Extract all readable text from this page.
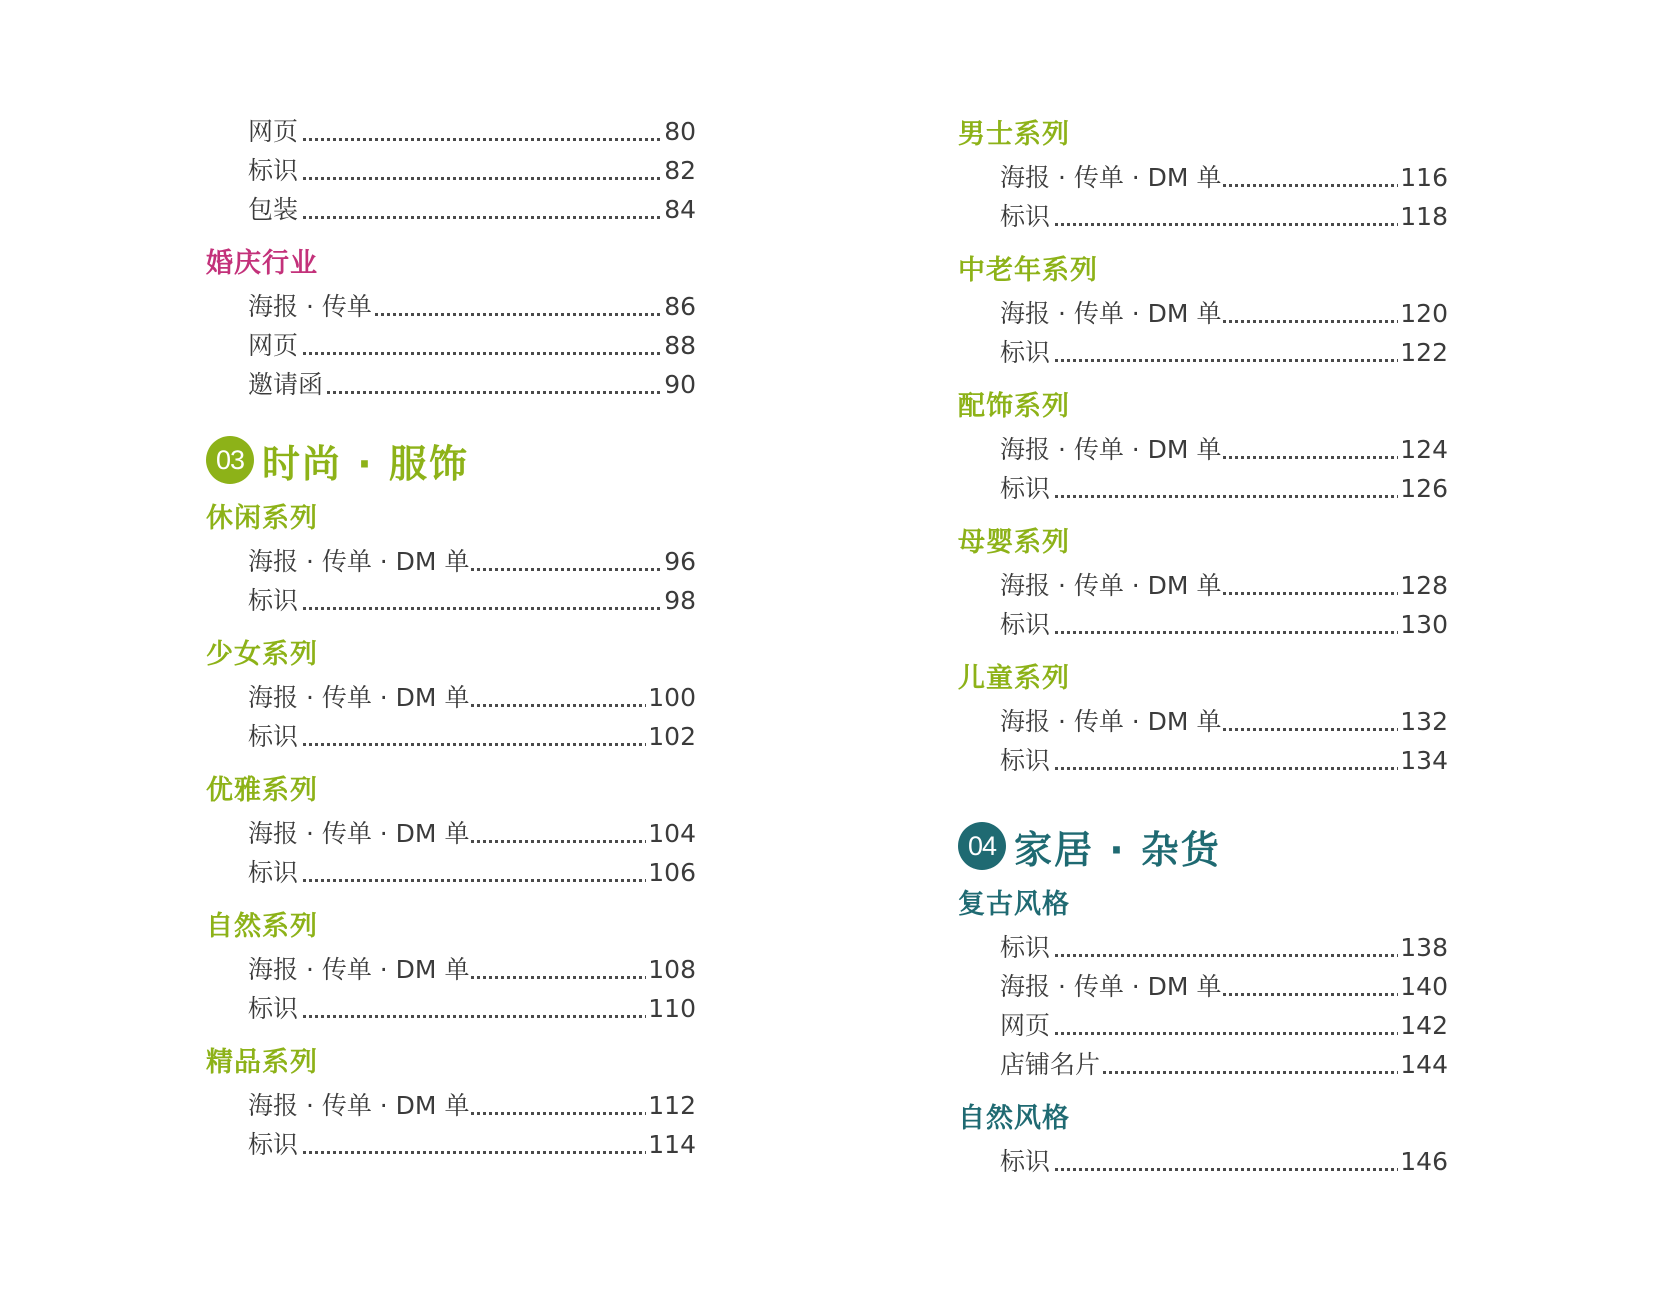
网页	80
标识	82
包装	84
婚庆行业
海报 · 传单	86
网页	88
邀请函	90
03 时尚 · 服饰
休闲系列
海报 · 传单 · DM 单	96
标识	98
少女系列
海报 · 传单 · DM 单	100
标识	102
优雅系列
海报 · 传单 · DM 单	104
标识	106
自然系列
海报 · 传单 · DM 单	108
标识	110
精品系列
海报 · 传单 · DM 单	112
标识	114
男士系列
海报 · 传单 · DM 单	116
标识	118
中老年系列
海报 · 传单 · DM 单	120
标识	122
配饰系列
海报 · 传单 · DM 单	124
标识	126
母婴系列
海报 · 传单 · DM 单	128
标识	130
儿童系列
海报 · 传单 · DM 单	132
标识	134
04 家居 · 杂货
复古风格
标识	138
海报 · 传单 · DM 单	140
网页	142
店铺名片	144
自然风格
标识	146
